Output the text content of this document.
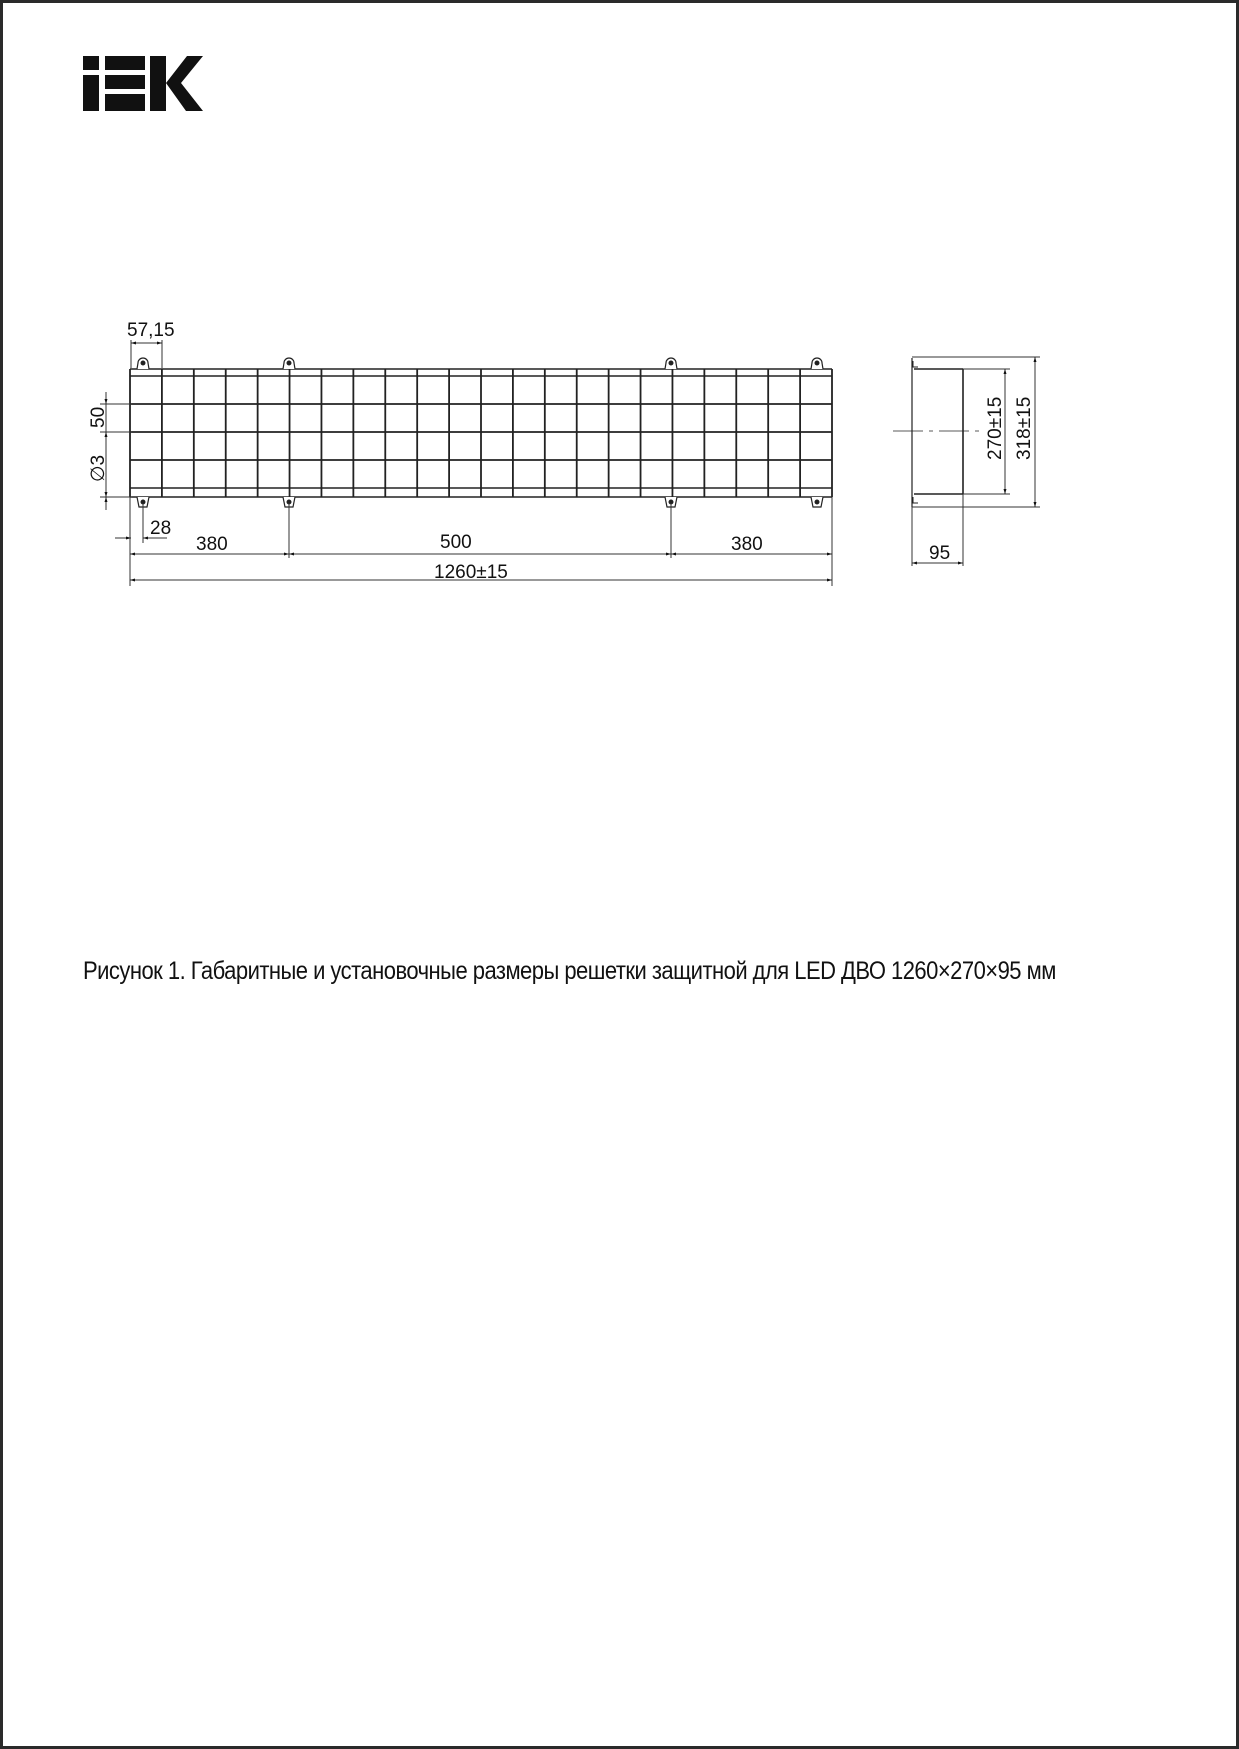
57,15
50
∅3
28
380	500	380
1260±15
270±15 318±15
95
Рисунок 1. Габаритные и установочные размеры решетки защитной для LED ДВО 1260×270×95 мм
